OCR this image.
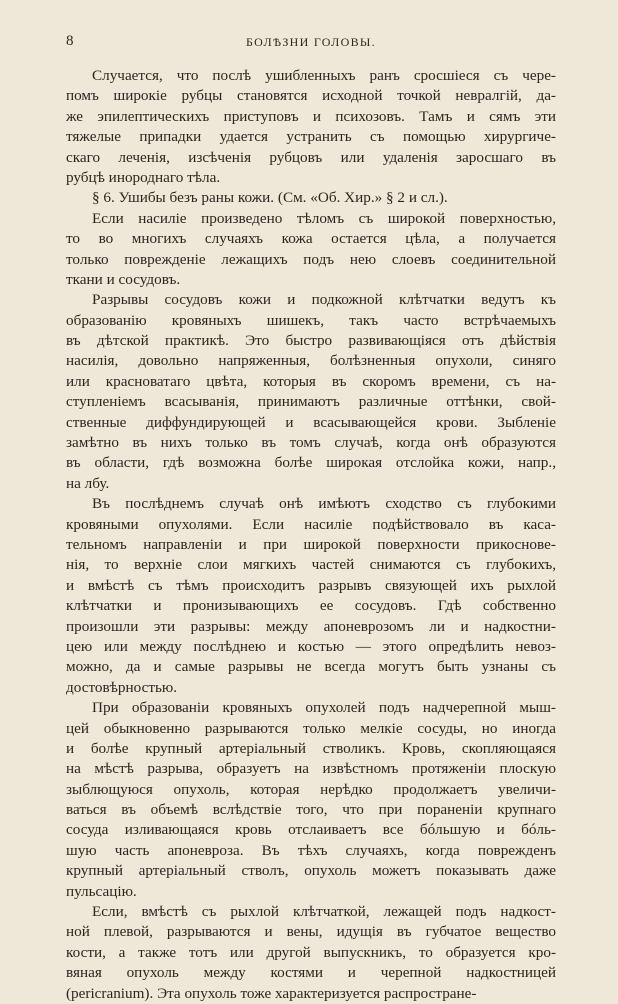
8	БОЛѢЗНИ ГОЛОВЫ.
Случается, что послѣ ушибленныхъ ранъ сросшiеся съ чере-
помъ широкiе рубцы становятся исходной точкой невралгiй, да-
же эпилептическихъ приступовъ и психозовъ. Тамъ и сямъ эти
тяжелые припадки удается устранить съ помощью хирургиче-
скаго леченiя, изсѣченiя рубцовъ или удаленiя заросшаго въ
рубцѣ инороднаго тѣла.
§ 6. Ушибы безъ раны кожи. (См. «Об. Хир.» § 2 и сл.).
Если насилiе произведено тѣломъ съ широкой поверхностью,
то во многихъ случаяхъ кожа остается цѣла, а получается
только поврежденiе лежащихъ подъ нею слоевъ соединительной
ткани и сосудовъ.
Разрывы сосудовъ кожи и подкожной клѣтчатки ведутъ къ
образованiю кровяныхъ шишекъ, такъ часто встрѣчаемыхъ
въ дѣтской практикѣ. Это быстро развивающiяся отъ дѣйствiя
насилiя, довольно напряженныя, болѣзненныя опухоли, синяго
или красноватаго цвѣта, которыя въ скоромъ времени, съ на-
ступленiемъ всасыванiя, принимаютъ различные оттѣнки, свой-
ственные диффундирующей и всасывающейся крови. Зыбленiе
замѣтно въ нихъ только въ томъ случаѣ, когда онѣ образуются
въ области, гдѣ возможна болѣе широкая отслойка кожи, напр.,
на лбу.
Въ послѣднемъ случаѣ онѣ имѣютъ сходство съ глубокими
кровяными опухолями. Если насилiе подѣйствовало въ каса-
тельномъ направленiи и при широкой поверхности прикосновe-
нiя, то верхнiе слои мягкихъ частей снимаются съ глубокихъ,
и вмѣстѣ съ тѣмъ происходитъ разрывъ связующей ихъ рыхлой
клѣтчатки и пронизывающихъ ее сосудовъ. Гдѣ собственно
произошли эти разрывы: между апоневрозомъ ли и надкостни-
цею или между послѣднею и костью — этого опредѣлить невоз-
можно, да и самые разрывы не всегда могутъ быть узнаны съ
достовѣрностью.
При образованiи кровяныхъ опухолей подъ надчерепной мыш-
цей обыкновенно разрываются только мелкiе сосуды, но иногда
и болѣе крупный артерiальный стволикъ. Кровь, скопляющаяся
на мѣстѣ разрыва, образуетъ на извѣстномъ протяженiи плоскую
зыблющуюся опухоль, которая нерѣдко продолжаетъ увеличи-
ваться въ объемѣ вслѣдствiе того, что при пораненiи крупнаго
сосуда изливающаяся кровь отслаиваетъ все бóльшую и бóль-
шую часть апоневроза. Въ тѣхъ случаяхъ, когда поврежденъ
крупный артерiальный стволъ, опухоль можетъ показывать даже
пульсацiю.
Если, вмѣстѣ съ рыхлой клѣтчаткой, лежащей подъ надкост-
ной плевой, разрываются и вены, идущiя въ губчатое вещество
кости, а также тотъ или другой выпускникъ, то образуется кро-
вяная опухоль между костями и черепной надкостницей
(pericranium). Эта опухоль тоже характеризуется распростране-
